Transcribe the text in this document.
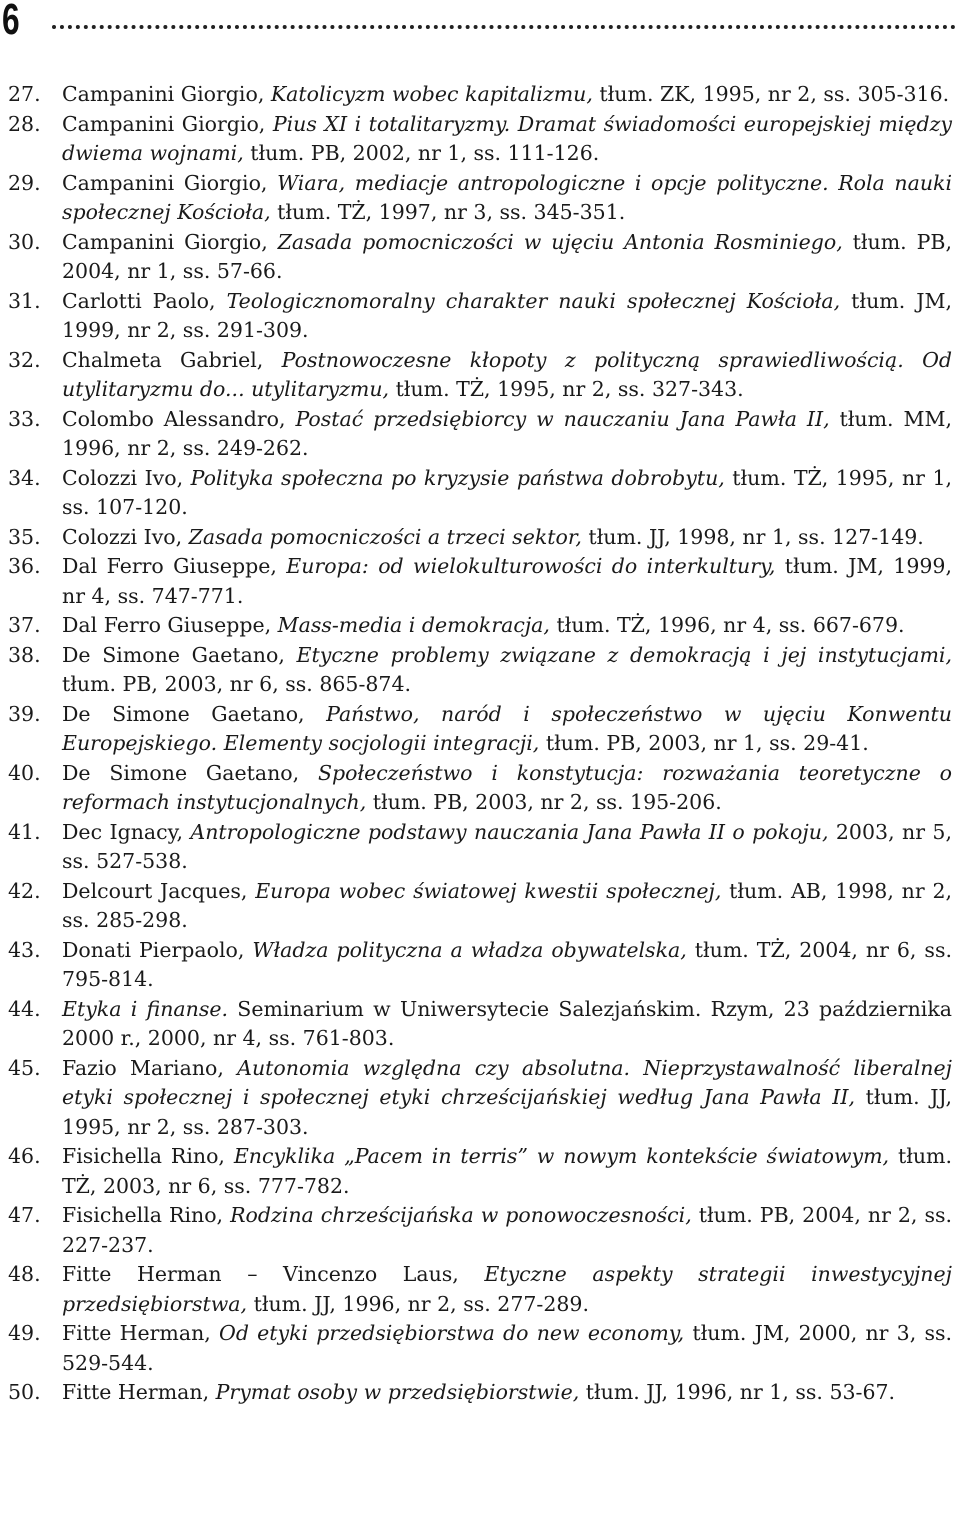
6
27.	Campanini Giorgio, Katolicyzm wobec kapitalizmu, tłum. ZK, 1995, nr 2, ss. 305-316.
28.	Campanini Giorgio, Pius XI i totalitaryzmy. Dramat świadomości europejskiej między dwiema wojnami, tłum. PB, 2002, nr 1, ss. 111-126.
29.	Campanini Giorgio, Wiara, mediacje antropologiczne i opcje polityczne. Rola nauki społecznej Kościoła, tłum. TŻ, 1997, nr 3, ss. 345-351.
30.	Campanini Giorgio, Zasada pomocniczości w ujęciu Antonia Rosminiego, tłum. PB, 2004, nr 1, ss. 57-66.
31.	Carlotti Paolo, Teologicznomoralny charakter nauki społecznej Kościoła, tłum. JM, 1999, nr 2, ss. 291-309.
32.	Chalmeta Gabriel, Postnowoczesne kłopoty z polityczną sprawiedliwością. Od utylitaryzmu do... utylitaryzmu, tłum. TŻ, 1995, nr 2, ss. 327-343.
33.	Colombo Alessandro, Postać przedsiębiorcy w nauczaniu Jana Pawła II, tłum. MM, 1996, nr 2, ss. 249-262.
34.	Colozzi Ivo, Polityka społeczna po kryzysie państwa dobrobytu, tłum. TŻ, 1995, nr 1, ss. 107-120.
35.	Colozzi Ivo, Zasada pomocniczości a trzeci sektor, tłum. JJ, 1998, nr 1, ss. 127-149.
36.	Dal Ferro Giuseppe, Europa: od wielokulturowości do interkultury, tłum. JM, 1999, nr 4, ss. 747-771.
37.	Dal Ferro Giuseppe, Mass-media i demokracja, tłum. TŻ, 1996, nr 4, ss. 667-679.
38.	De Simone Gaetano, Etyczne problemy związane z demokracją i jej instytucjami, tłum. PB, 2003, nr 6, ss. 865-874.
39.	De Simone Gaetano, Państwo, naród i społeczeństwo w ujęciu Konwentu Europejskiego. Elementy socjologii integracji, tłum. PB, 2003, nr 1, ss. 29-41.
40.	De Simone Gaetano, Społeczeństwo i konstytucja: rozważania teoretyczne o reformach instytucjonalnych, tłum. PB, 2003, nr 2, ss. 195-206.
41.	Dec Ignacy, Antropologiczne podstawy nauczania Jana Pawła II o pokoju, 2003, nr 5, ss. 527-538.
42.	Delcourt Jacques, Europa wobec światowej kwestii społecznej, tłum. AB, 1998, nr 2, ss. 285-298.
43.	Donati Pierpaolo, Władza polityczna a władza obywatelska, tłum. TŻ, 2004, nr 6, ss. 795-814.
44.	Etyka i finanse. Seminarium w Uniwersytecie Salezjańskim. Rzym, 23 października 2000 r., 2000, nr 4, ss. 761-803.
45.	Fazio Mariano, Autonomia względna czy absolutna. Nieprzystawalność liberalnej etyki społecznej i społecznej etyki chrześcijańskiej według Jana Pawła II, tłum. JJ, 1995, nr 2, ss. 287-303.
46.	Fisichella Rino, Encyklika „Pacem in terris” w nowym kontekście światowym, tłum. TŻ, 2003, nr 6, ss. 777-782.
47.	Fisichella Rino, Rodzina chrześcijańska w ponowoczesności, tłum. PB, 2004, nr 2, ss. 227-237.
48.	Fitte Herman – Vincenzo Laus, Etyczne aspekty strategii inwestycyjnej przedsiębiorstwa, tłum. JJ, 1996, nr 2, ss. 277-289.
49.	Fitte Herman, Od etyki przedsiębiorstwa do new economy, tłum. JM, 2000, nr 3, ss. 529-544.
50.	Fitte Herman, Prymat osoby w przedsiębiorstwie, tłum. JJ, 1996, nr 1, ss. 53-67.
